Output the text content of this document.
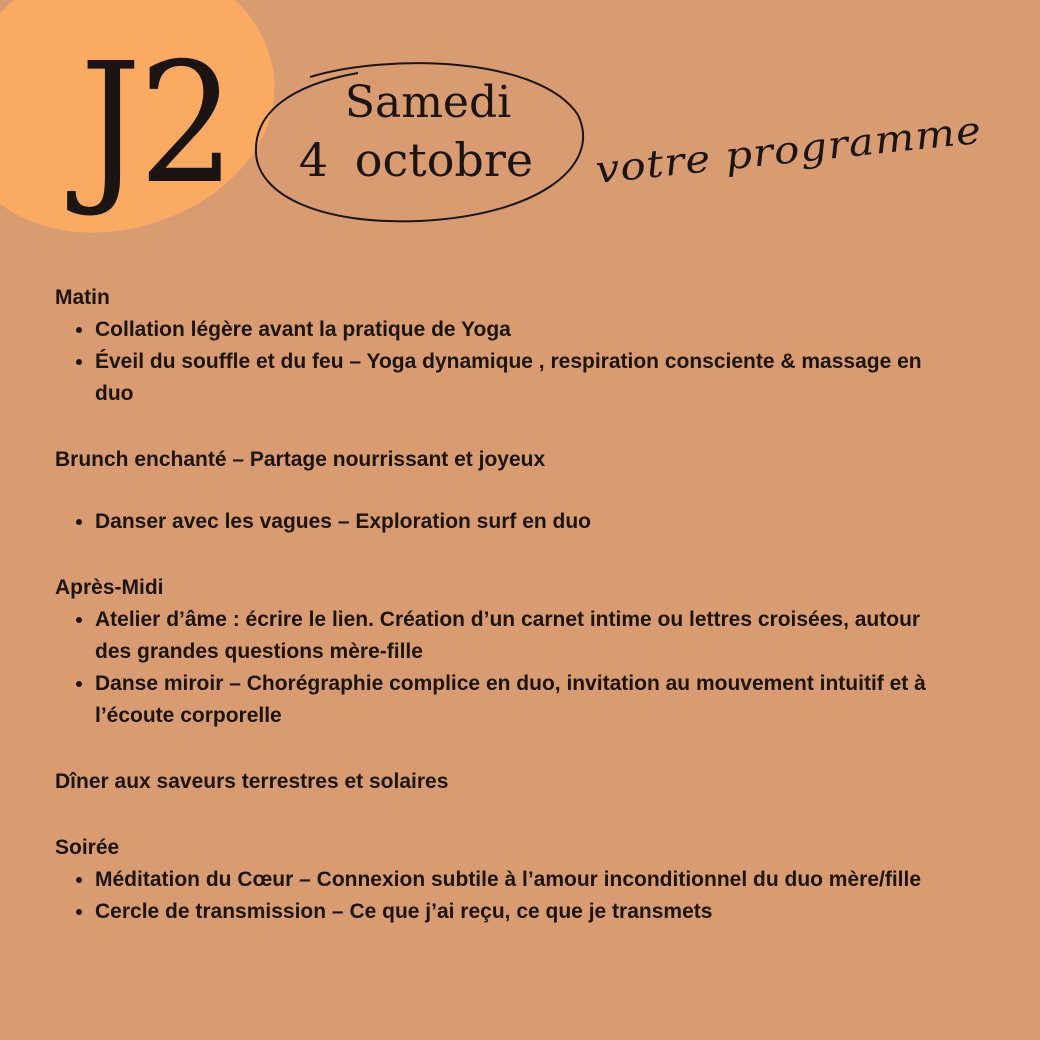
J2	Samedi
4 octobre	votre programme
Matin
• Collation légère avant la pratique de Yoga
• Éveil du souffle et du feu – Yoga dynamique , respiration consciente & massage en duo
Brunch enchanté – Partage nourrissant et joyeux
• Danser avec les vagues – Exploration surf en duo
Après-Midi
• Atelier d’âme : écrire le lien. Création d’un carnet intime ou lettres croisées, autour des grandes questions mère-fille
• Danse miroir – Chorégraphie complice en duo, invitation au mouvement intuitif et à l’écoute corporelle
Dîner aux saveurs terrestres et solaires
Soirée
• Méditation du Cœur – Connexion subtile à l’amour inconditionnel du duo mère/fille
• Cercle de transmission – Ce que j’ai reçu, ce que je transmets
